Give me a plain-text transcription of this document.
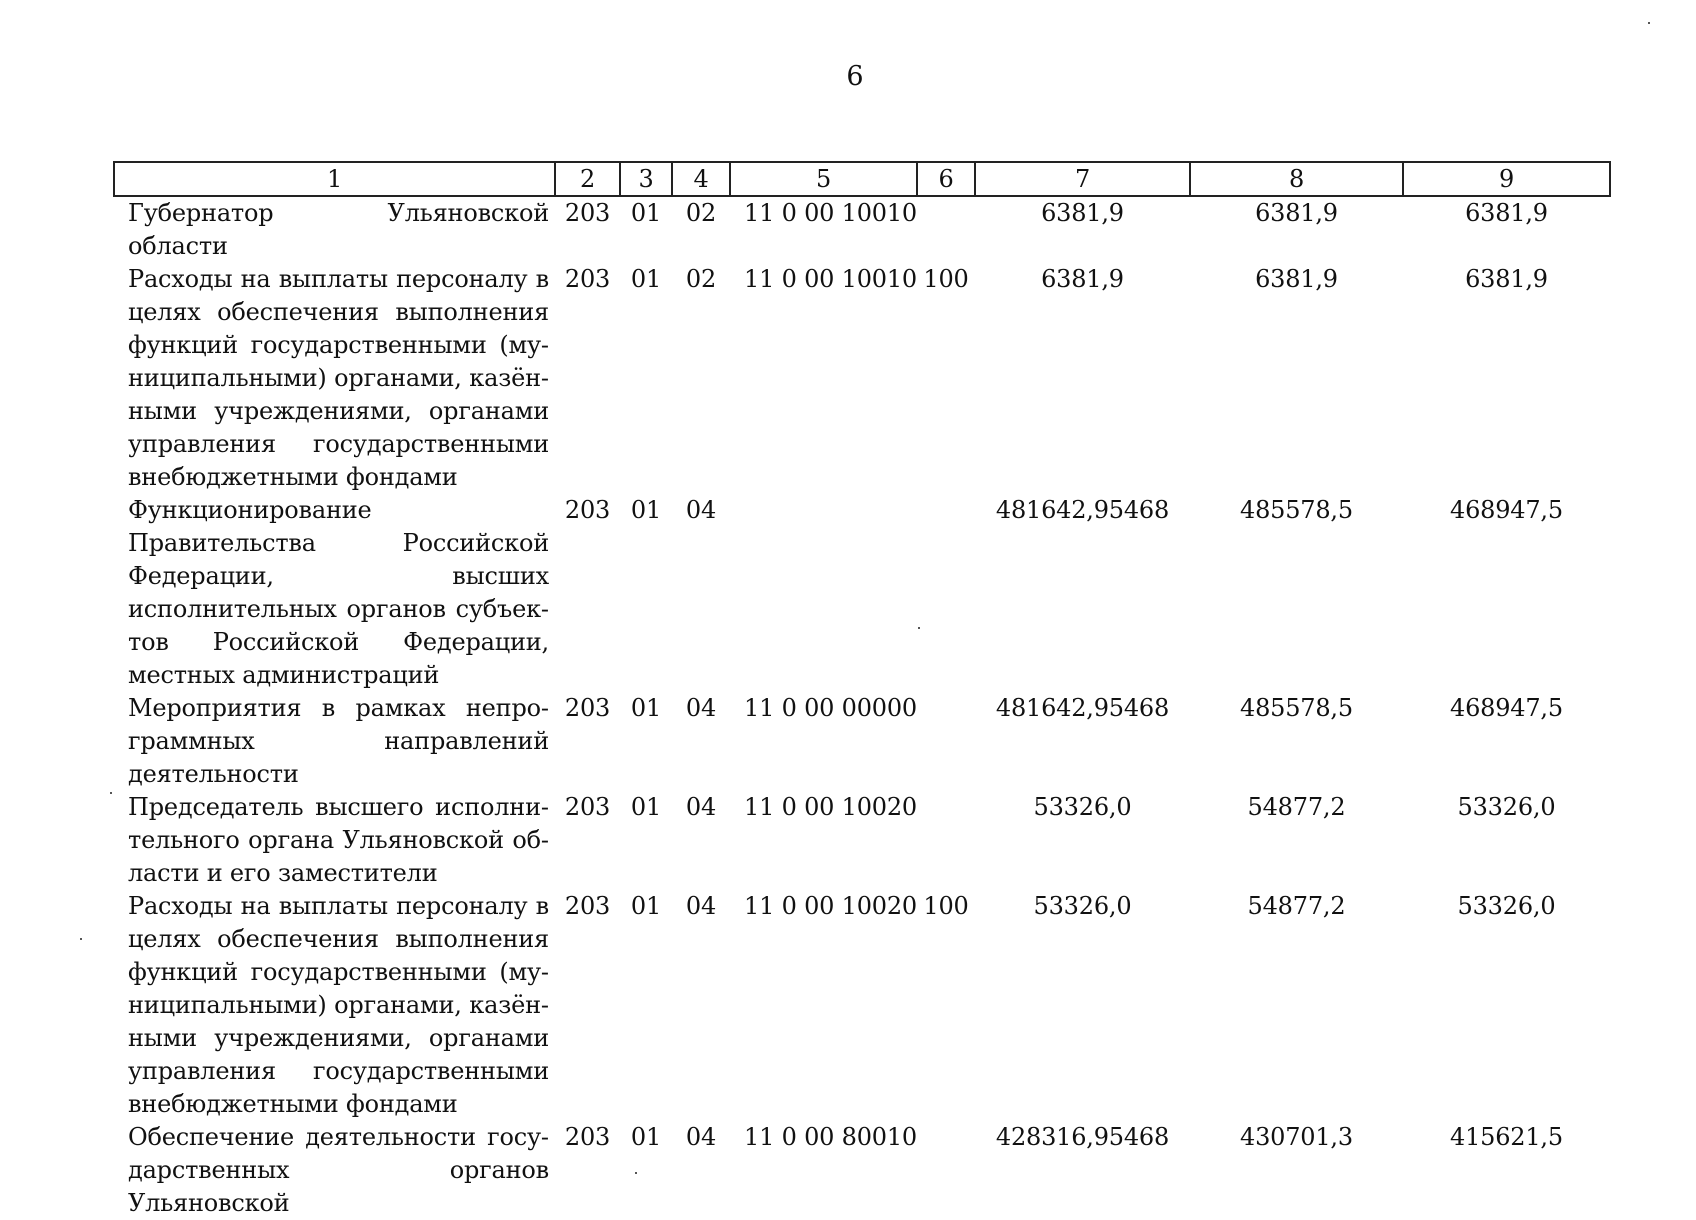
6
1	2	3	4	5	6	7	8	9
Губернатор Ульяновской области	203	01	02	11 0 00 10010		6381,9	6381,9	6381,9
Расходы на выплаты персоналу в целях обеспечения выполнения функций государственными (муниципальными) органами, казёнными учреждениями, органами управления государственными внебюджетными фондами	203	01	02	11 0 00 10010	100	6381,9	6381,9	6381,9
Функционирование Правительства Российской Федерации, высших исполнительных органов субъектов Российской Федерации, местных администраций	203	01	04			481642,95468	485578,5	468947,5
Мероприятия в рамках непрограммных направлений деятельности	203	01	04	11 0 00 00000		481642,95468	485578,5	468947,5
Председатель высшего исполнительного органа Ульяновской области и его заместители	203	01	04	11 0 00 10020		53326,0	54877,2	53326,0
Расходы на выплаты персоналу в целях обеспечения выполнения функций государственными (муниципальными) органами, казёнными учреждениями, органами управления государственными внебюджетными фондами	203	01	04	11 0 00 10020	100	53326,0	54877,2	53326,0
Обеспечение деятельности государственных органов Ульяновской	203	01	04	11 0 00 80010		428316,95468	430701,3	415621,5
